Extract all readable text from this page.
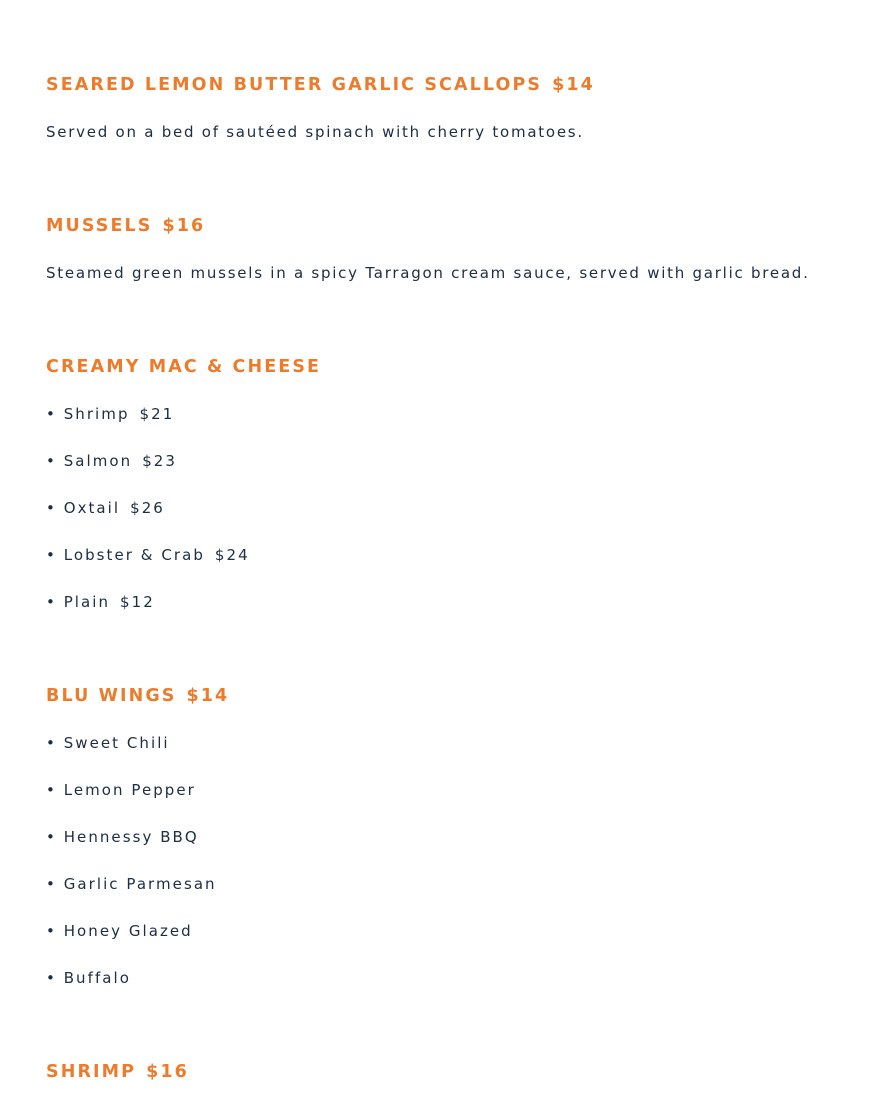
SEARED LEMON BUTTER GARLIC SCALLOPS $14

Served on a bed of sautéed spinach with cherry tomatoes.

MUSSELS $16

Steamed green mussels in a spicy Tarragon cream sauce, served with garlic bread.

CREAMY MAC & CHEESE

• Shrimp $21

• Salmon $23

• Oxtail $26

• Lobster & Crab $24

• Plain $12

BLU WINGS $14

• Sweet Chili

• Lemon Pepper

• Hennessy BBQ

• Garlic Parmesan

• Honey Glazed

• Buffalo

SHRIMP $16
